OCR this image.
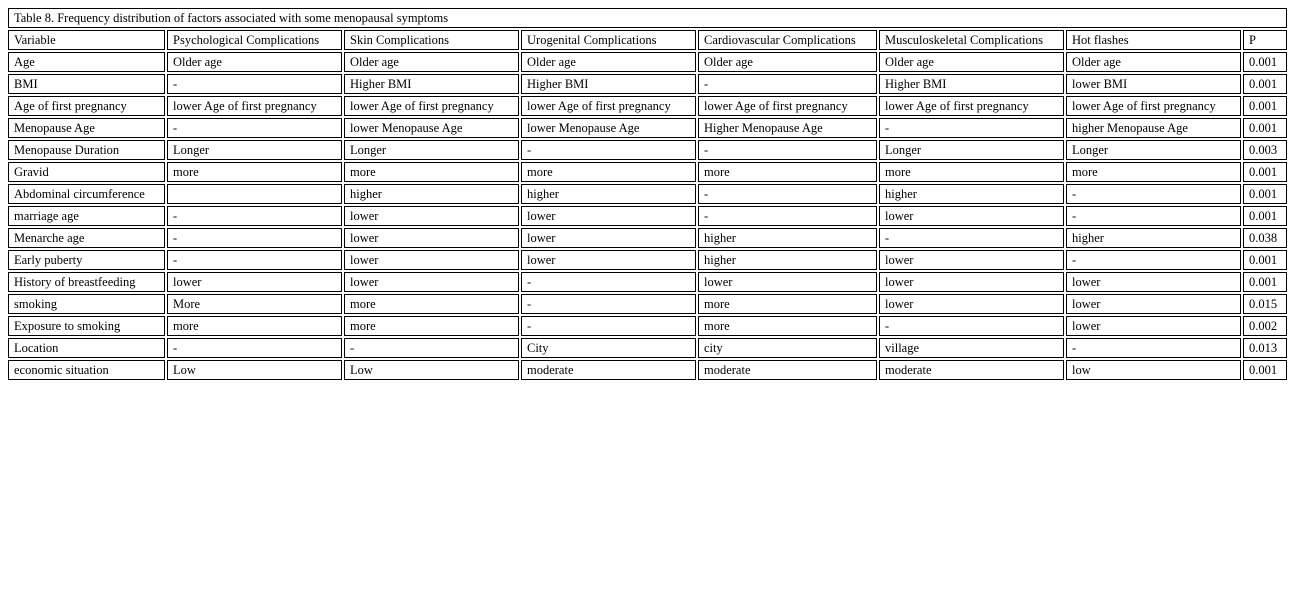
Table 8. Frequency distribution of factors associated with some menopausal symptoms							
Variable	Psychological Complications	Skin Complications	Urogenital Complications	Cardiovascular Complications	Musculoskeletal Complications	Hot flashes	P
Age	Older age	Older age	Older age	Older age	Older age	Older age	0.001
BMI	-	Higher BMI	Higher BMI	-	Higher BMI	lower BMI	0.001
Age of first pregnancy	lower Age of first pregnancy	lower Age of first pregnancy	lower Age of first pregnancy	lower Age of first pregnancy	lower Age of first pregnancy	lower Age of first pregnancy	0.001
Menopause Age	-	lower Menopause Age	lower Menopause Age	Higher Menopause Age	-	higher Menopause Age	0.001
Menopause Duration	Longer	Longer	-	-	Longer	Longer	0.003
Gravid	more	more	more	more	more	more	0.001
Abdominal circumference		higher	higher	-	higher	-	0.001
marriage age	-	lower	lower	-	lower	-	0.001
Menarche age	-	lower	lower	higher	-	higher	0.038
Early puberty	-	lower	lower	higher	lower	-	0.001
History of breastfeeding	lower	lower	-	lower	lower	lower	0.001
smoking	More	more	-	more	lower	lower	0.015
Exposure to smoking	more	more	-	more	-	lower	0.002
Location	-	-	City	city	village	-	0.013
economic situation	Low	Low	moderate	moderate	moderate	low	0.001
